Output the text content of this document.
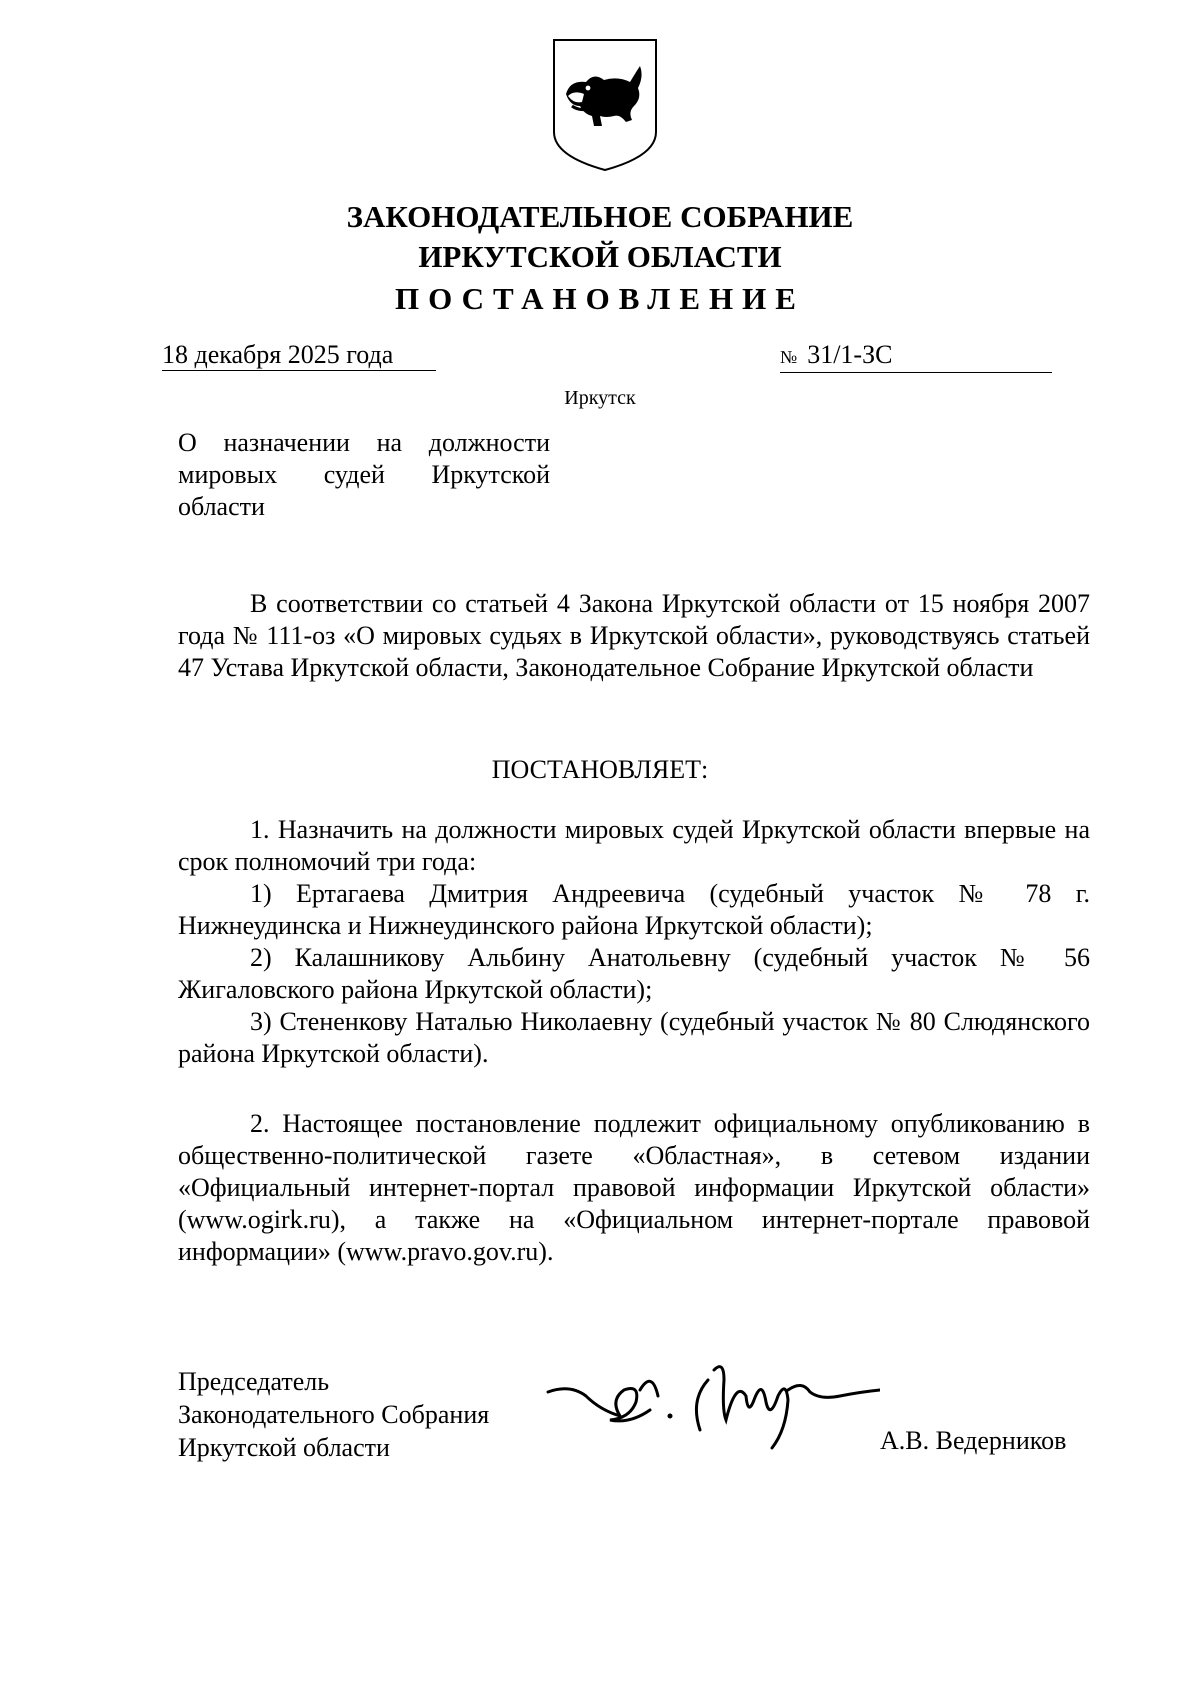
ЗАКОНОДАТЕЛЬНОЕ СОБРАНИЕ
ИРКУТСКОЙ ОБЛАСТИ
ПОСТАНОВЛЕНИЕ
18 декабря 2025 года	№ 31/1-ЗС
Иркутск
О назначении на должности мировых судей Иркутской области

В соответствии со статьей 4 Закона Иркутской области от 15 ноября 2007 года № 111-оз «О мировых судьях в Иркутской области», руководствуясь статьей 47 Устава Иркутской области, Законодательное Собрание Иркутской области

ПОСТАНОВЛЯЕТ:

1. Назначить на должности мировых судей Иркутской области впервые на срок полномочий три года:

1) Ертагаева Дмитрия Андреевича (судебный участок № 78 г. Нижнеудинска и Нижнеудинского района Иркутской области);

2) Калашникову Альбину Анатольевну (судебный участок № 56 Жигаловского района Иркутской области);

3) Стененкову Наталью Николаевну (судебный участок № 80 Слюдянского района Иркутской области).

2. Настоящее постановление подлежит официальному опубликованию в общественно-политической газете «Областная», в сетевом издании «Официальный интернет-портал правовой информации Иркутской области» (www.ogirk.ru), а также на «Официальном интернет-портале правовой информации» (www.pravo.gov.ru).

Председатель
Законодательного Собрания
Иркутской области	А.В. Ведерников
